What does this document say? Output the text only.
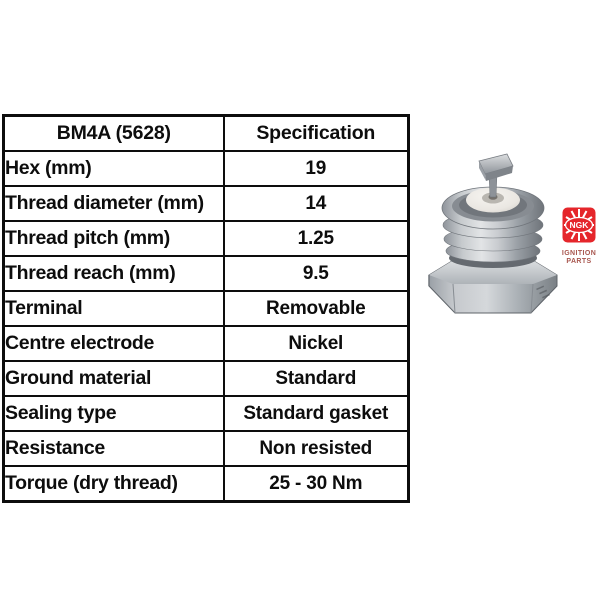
BM4A (5628)	Specification
Hex (mm)	19
Thread diameter (mm)	14
Thread pitch (mm)	1.25
Thread reach (mm)	9.5
Terminal	Removable
Centre electrode	Nickel
Ground material	Standard
Sealing type	Standard gasket
Resistance	Non resisted
Torque (dry thread)	25 - 30 Nm
NGK
IGNITION
PARTS
